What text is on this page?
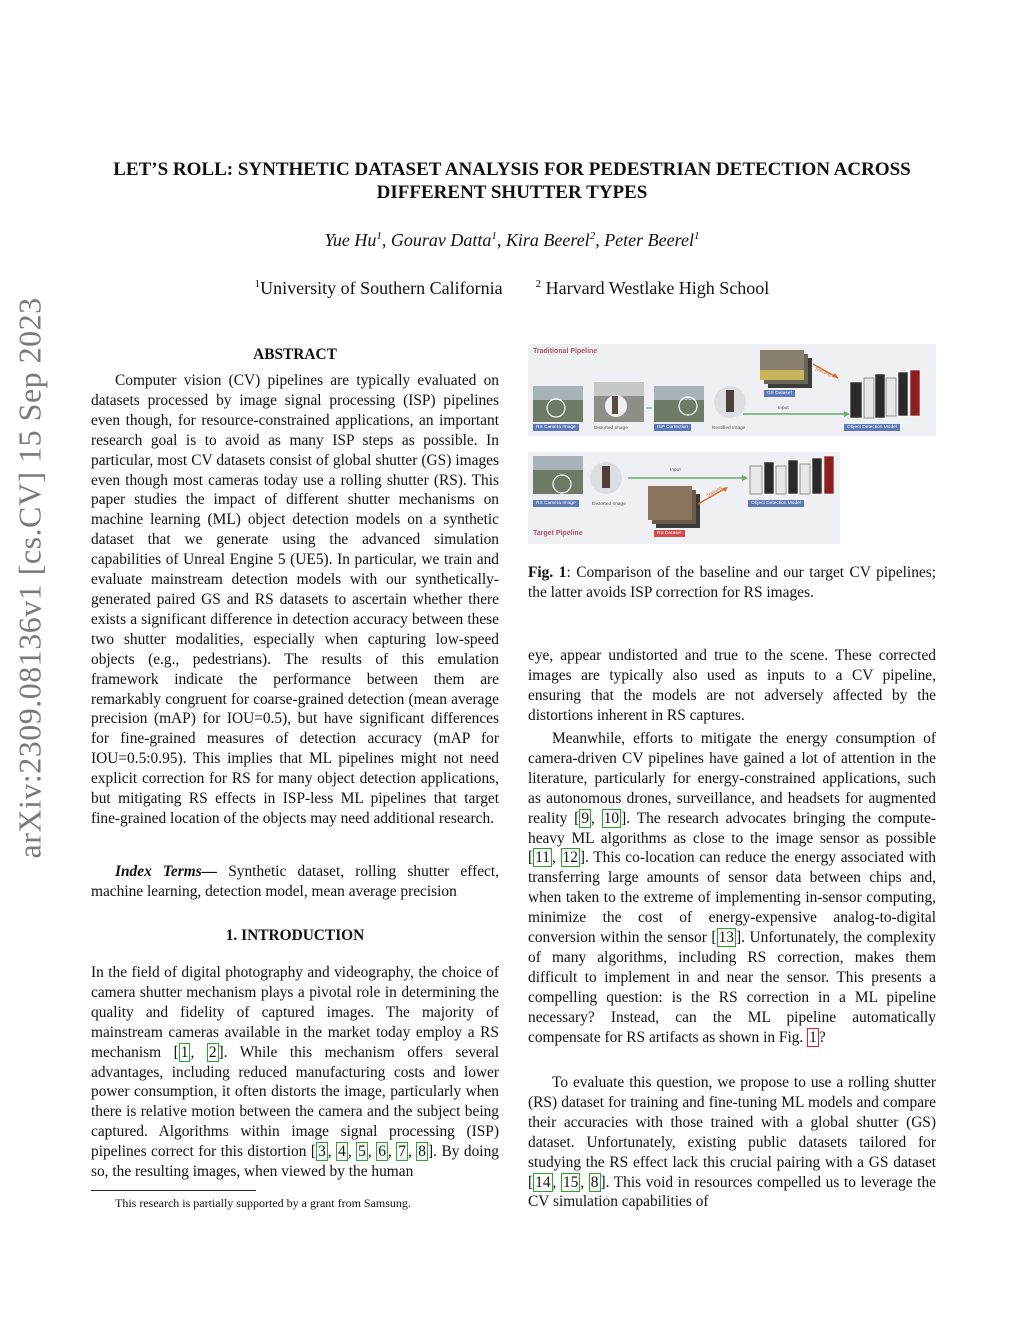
arXiv:2309.08136v1 [cs.CV] 15 Sep 2023
LET’S ROLL: SYNTHETIC DATASET ANALYSIS FOR PEDESTRIAN DETECTION ACROSS DIFFERENT SHUTTER TYPES
Yue Hu$^1$, Gourav Datta$^1$, Kira Beerel$^2$, Peter Beerel$^1$
$^1$University of Southern California	$^2$ Harvard Westlake High School
ABSTRACT
Computer vision (CV) pipelines are typically evaluated on datasets processed by image signal processing (ISP) pipelines even though, for resource-constrained applications, an important research goal is to avoid as many ISP steps as possible. In particular, most CV datasets consist of global shutter (GS) images even though most cameras today use a rolling shutter (RS). This paper studies the impact of different shutter mechanisms on machine learning (ML) object detection models on a synthetic dataset that we generate using the advanced simulation capabilities of Unreal Engine 5 (UE5). In particular, we train and evaluate mainstream detection models with our synthetically-generated paired GS and RS datasets to ascertain whether there exists a significant difference in detection accuracy between these two shutter modalities, especially when capturing low-speed objects (e.g., pedestrians). The results of this emulation framework indicate the performance between them are remarkably congruent for coarse-grained detection (mean average precision (mAP) for IOU=0.5), but have significant differences for fine-grained measures of detection accuracy (mAP for IOU=0.5:0.95). This implies that ML pipelines might not need explicit correction for RS for many object detection applications, but mitigating RS effects in ISP-less ML pipelines that target fine-grained location of the objects may need additional research.
Index Terms— Synthetic dataset, rolling shutter effect, machine learning, detection model, mean average precision
1. INTRODUCTION
In the field of digital photography and videography, the choice of camera shutter mechanism plays a pivotal role in determining the quality and fidelity of captured images. The majority of mainstream cameras available in the market today employ a RS mechanism [ 1 , 2 ]. While this mechanism offers several advantages, including reduced manufacturing costs and lower power consumption, it often distorts the image, particularly when there is relative motion between the camera and the subject being captured. Algorithms within image signal processing (ISP) pipelines correct for this distortion [ 3 , 4 , 5 , 6 , 7 , 8 ]. By doing so, the resulting images, when viewed by the human
This research is partially supported by a grant from Samsung.
Traditional Pipeline
RS Camera Image	Distorted Image	ISP Correction	Rectified Image
GS Dataset
Training
Input
Object Detection Model
RS Camera Image	Distorted Image
Input
Training
Object Detection Model
RS Dataset
Target Pipeline
Fig. 1: Comparison of the baseline and our target CV pipelines; the latter avoids ISP correction for RS images.
eye, appear undistorted and true to the scene. These corrected images are typically also used as inputs to a CV pipeline, ensuring that the models are not adversely affected by the distortions inherent in RS captures.
Meanwhile, efforts to mitigate the energy consumption of camera-driven CV pipelines have gained a lot of attention in the literature, particularly for energy-constrained applications, such as autonomous drones, surveillance, and headsets for augmented reality [ 9 , 10 ]. The research advocates bringing the compute-heavy ML algorithms as close to the image sensor as possible [ 11 , 12 ]. This co-location can reduce the energy associated with transferring large amounts of sensor data between chips and, when taken to the extreme of implementing in-sensor computing, minimize the cost of energy-expensive analog-to-digital conversion within the sensor [ 13 ]. Unfortunately, the complexity of many algorithms, including RS correction, makes them difficult to implement in and near the sensor. This presents a compelling question: is the RS correction in a ML pipeline necessary? Instead, can the ML pipeline automatically compensate for RS artifacts as shown in Fig. 1 ?
To evaluate this question, we propose to use a rolling shutter (RS) dataset for training and fine-tuning ML models and compare their accuracies with those trained with a global shutter (GS) dataset. Unfortunately, existing public datasets tailored for studying the RS effect lack this crucial pairing with a GS dataset [ 14 , 15 , 8 ]. This void in resources compelled us to leverage the CV simulation capabilities of
